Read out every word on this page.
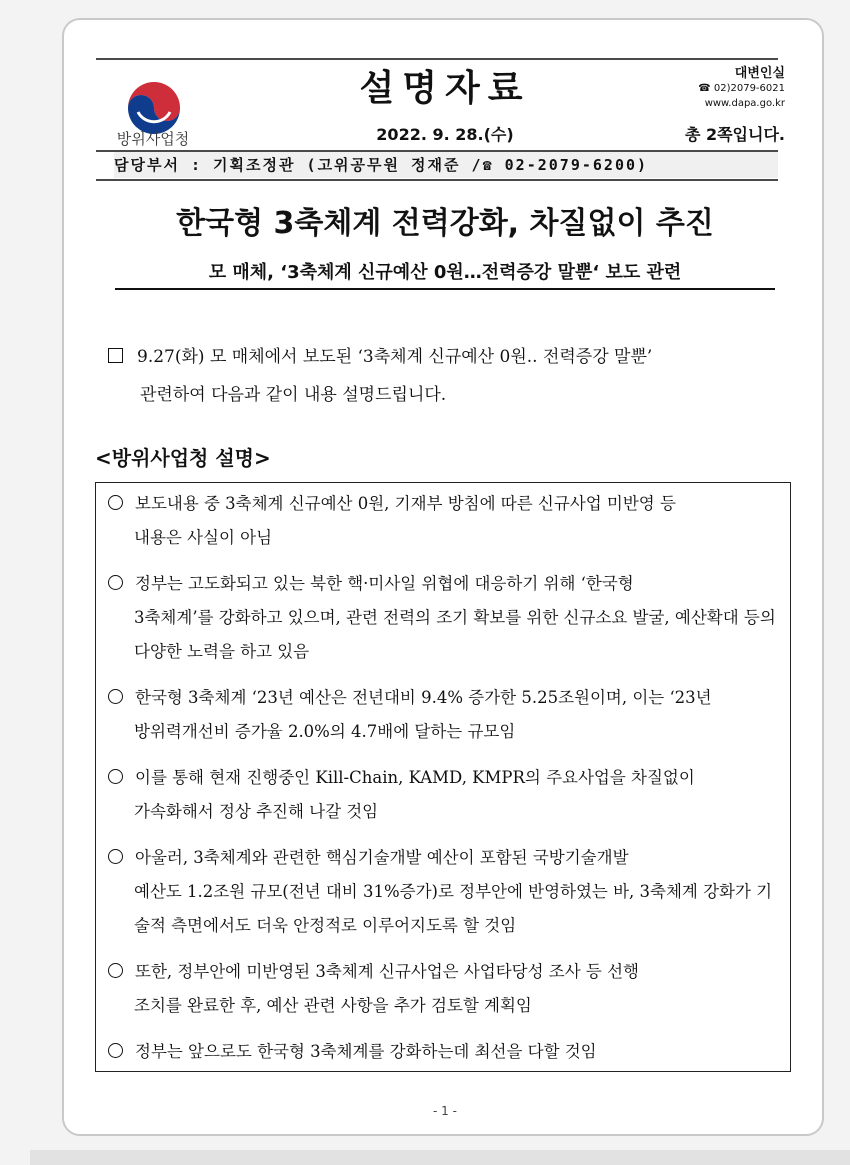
방위사업청
설명자료
2022. 9. 28.(수)
대변인실
☎ 02)2079-6021
www.dapa.go.kr
총 2쪽입니다.
담당부서 : 기획조정관 (고위공무원 정재준 /☎ 02-2079-6200)
한국형 3축체계 전력강화, 차질없이 추진
모 매체, ‘3축체계 신규예산 0원…전력증강 말뿐‘ 보도 관련
9.27(화) 모 매체에서 보도된 ‘3축체계 신규예산 0원.. 전력증강 말뿐’
관련하여 다음과 같이 내용 설명드립니다.
<방위사업청 설명>
보도내용 중 3축체계 신규예산 0원, 기재부 방침에 따른 신규사업 미반영 등
내용은 사실이 아님
정부는 고도화되고 있는 북한 핵·미사일 위협에 대응하기 위해 ‘한국형
3축체계’를 강화하고 있으며, 관련 전력의 조기 확보를 위한 신규소요 발굴, 예산확대 등의 다양한 노력을 하고 있음
한국형 3축체계 ‘23년 예산은 전년대비 9.4% 증가한 5.25조원이며, 이는 ‘23년
방위력개선비 증가율 2.0%의 4.7배에 달하는 규모임
이를 통해 현재 진행중인 Kill-Chain, KAMD, KMPR의 주요사업을 차질없이
가속화해서 정상 추진해 나갈 것임
아울러, 3축체계와 관련한 핵심기술개발 예산이 포함된 국방기술개발
예산도 1.2조원 규모(전년 대비 31%증가)로 정부안에 반영하였는 바, 3축체계 강화가 기술적 측면에서도 더욱 안정적로 이루어지도록 할 것임
또한, 정부안에 미반영된 3축체계 신규사업은 사업타당성 조사 등 선행
조치를 완료한 후, 예산 관련 사항을 추가 검토할 계획임
정부는 앞으로도 한국형 3축체계를 강화하는데 최선을 다할 것임
- 1 -
